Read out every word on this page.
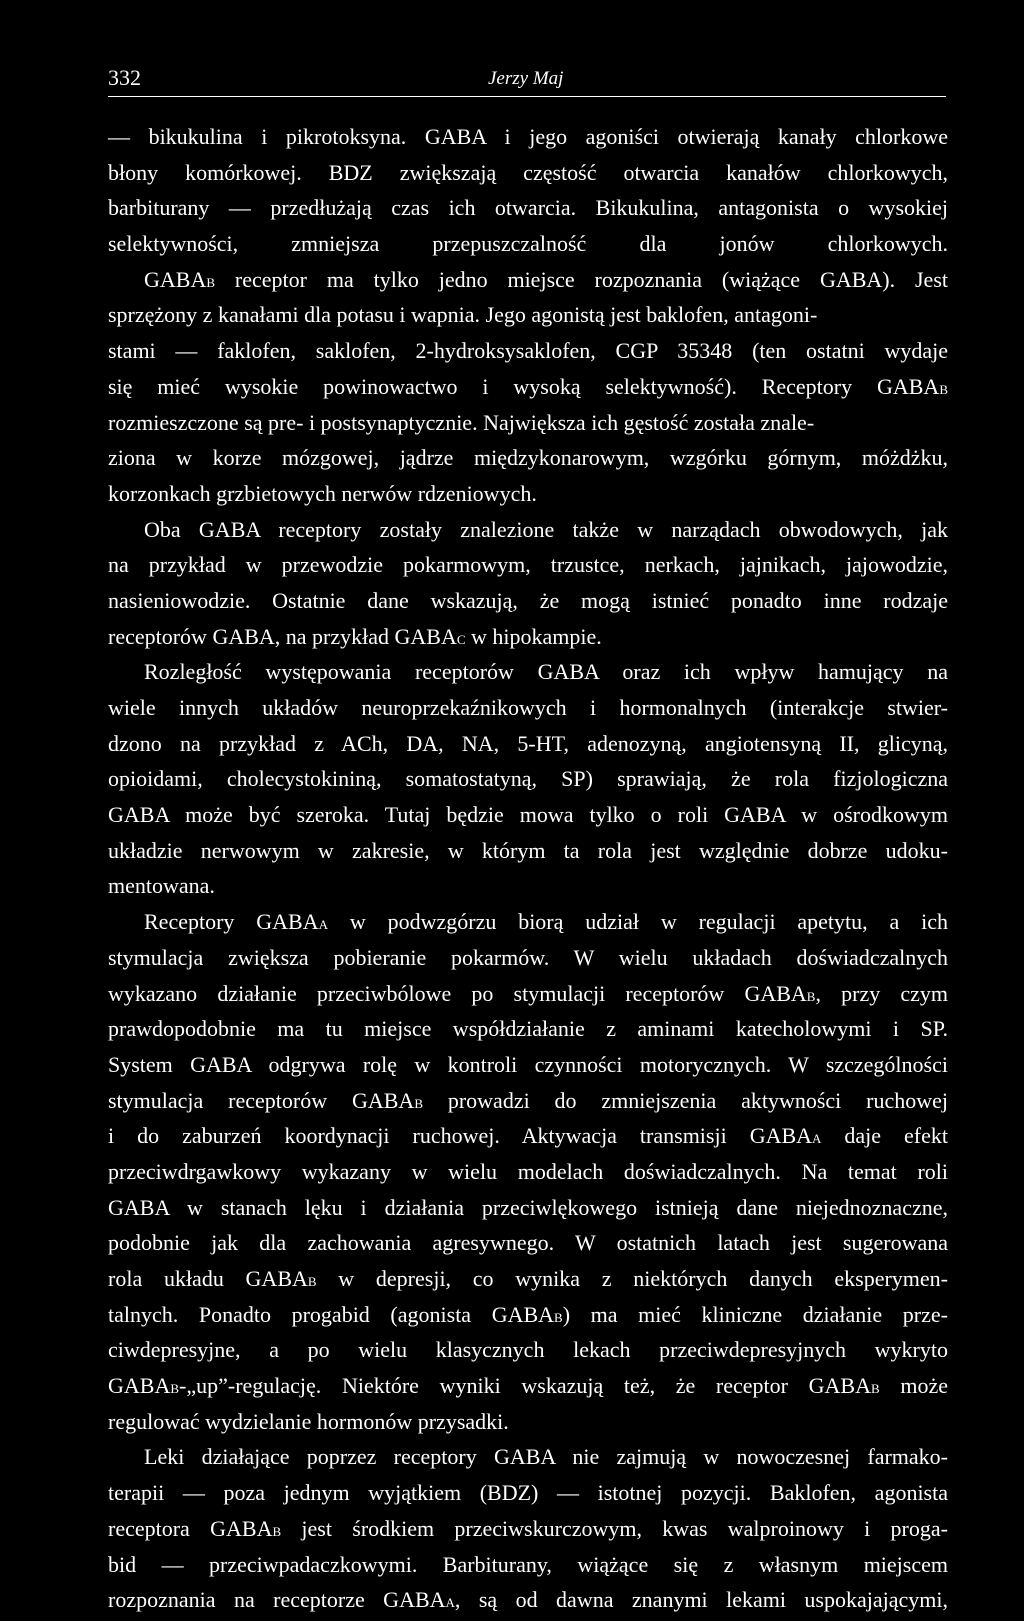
332	Jerzy Maj
— bikukulina i pikrotoksyna. GABA i jego agoniści otwierają kanały chlorkowe
błony komórkowej. BDZ zwiększają częstość otwarcia kanałów chlorkowych,
barbiturany — przedłużają czas ich otwarcia. Bikukulina, antagonista o wysokiej
selektywności, zmniejsza przepuszczalność dla jonów chlorkowych.
GABAB receptor ma tylko jedno miejsce rozpoznania (wiążące GABA). Jest
sprzężony z kanałami dla potasu i wapnia. Jego agonistą jest baklofen, antagoni-
stami — faklofen, saklofen, 2-hydroksysaklofen, CGP 35348 (ten ostatni wydaje
się mieć wysokie powinowactwo i wysoką selektywność). Receptory GABAB
rozmieszczone są pre- i postsynaptycznie. Największa ich gęstość została znale-
ziona w korze mózgowej, jądrze międzykonarowym, wzgórku górnym, móżdżku,
korzonkach grzbietowych nerwów rdzeniowych.
Oba GABA receptory zostały znalezione także w narządach obwodowych, jak
na przykład w przewodzie pokarmowym, trzustce, nerkach, jajnikach, jajowodzie,
nasieniowodzie. Ostatnie dane wskazują, że mogą istnieć ponadto inne rodzaje
receptorów GABA, na przykład GABAC w hipokampie.
Rozległość występowania receptorów GABA oraz ich wpływ hamujący na
wiele innych układów neuroprzekaźnikowych i hormonalnych (interakcje stwier-
dzono na przykład z ACh, DA, NA, 5-HT, adenozyną, angiotensyną II, glicyną,
opioidami, cholecystokininą, somatostatyną, SP) sprawiają, że rola fizjologiczna
GABA może być szeroka. Tutaj będzie mowa tylko o roli GABA w ośrodkowym
układzie nerwowym w zakresie, w którym ta rola jest względnie dobrze udoku-
mentowana.
Receptory GABAA w podwzgórzu biorą udział w regulacji apetytu, a ich
stymulacja zwiększa pobieranie pokarmów. W wielu układach doświadczalnych
wykazano działanie przeciwbólowe po stymulacji receptorów GABAB, przy czym
prawdopodobnie ma tu miejsce współdziałanie z aminami katecholowymi i SP.
System GABA odgrywa rolę w kontroli czynności motorycznych. W szczególności
stymulacja receptorów GABAB prowadzi do zmniejszenia aktywności ruchowej
i do zaburzeń koordynacji ruchowej. Aktywacja transmisji GABAA daje efekt
przeciwdrgawkowy wykazany w wielu modelach doświadczalnych. Na temat roli
GABA w stanach lęku i działania przeciwlękowego istnieją dane niejednoznaczne,
podobnie jak dla zachowania agresywnego. W ostatnich latach jest sugerowana
rola układu GABAB w depresji, co wynika z niektórych danych eksperymen-
talnych. Ponadto progabid (agonista GABAB) ma mieć kliniczne działanie prze-
ciwdepresyjne, a po wielu klasycznych lekach przeciwdepresyjnych wykryto
GABAB-„up”-regulację. Niektóre wyniki wskazują też, że receptor GABAB może
regulować wydzielanie hormonów przysadki.
Leki działające poprzez receptory GABA nie zajmują w nowoczesnej farmako-
terapii — poza jednym wyjątkiem (BDZ) — istotnej pozycji. Baklofen, agonista
receptora GABAB jest środkiem przeciwskurczowym, kwas walproinowy i proga-
bid — przeciwpadaczkowymi. Barbiturany, wiążące się z własnym miejscem
rozpoznania na receptorze GABAA, są od dawna znanymi lekami uspokajającymi,
